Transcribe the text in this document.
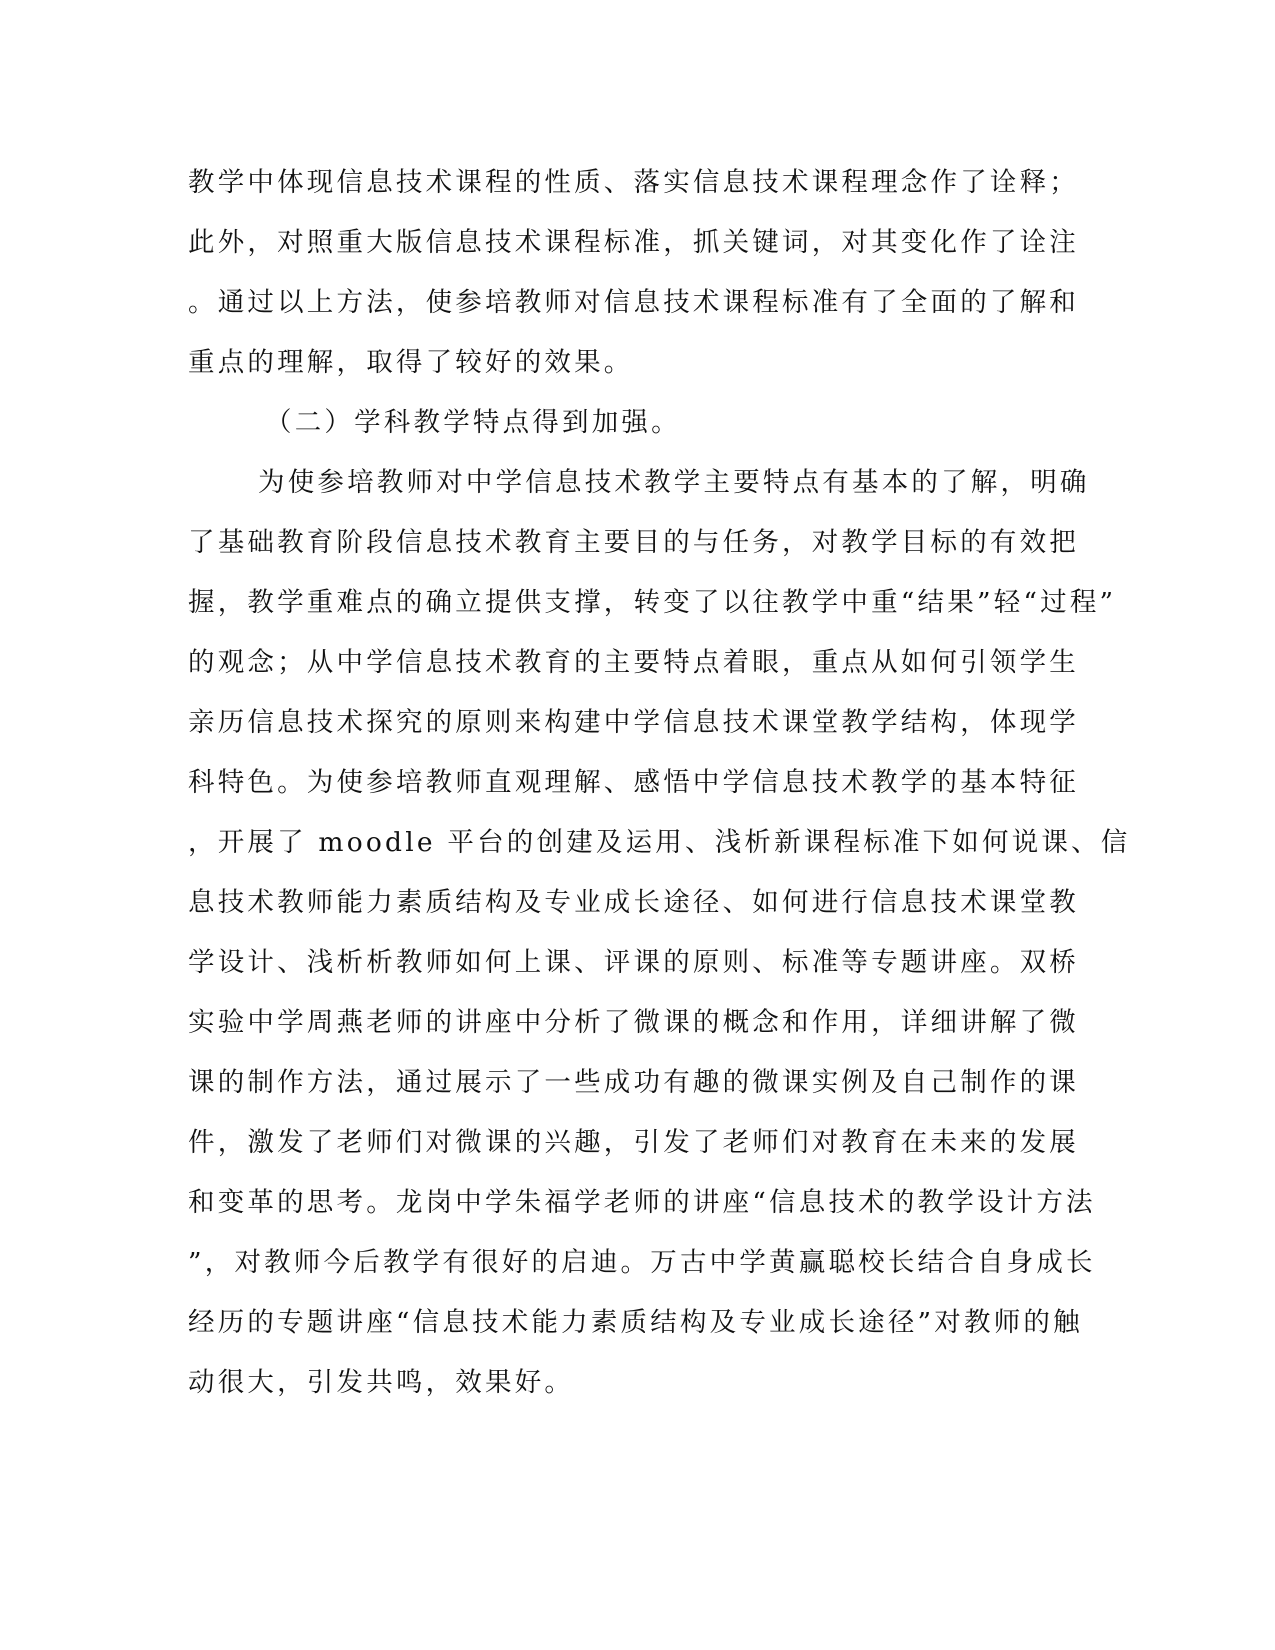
教学中体现信息技术课程的性质、落实信息技术课程理念作了诠释；

此外，对照重大版信息技术课程标准，抓关键词，对其变化作了诠注

。通过以上方法，使参培教师对信息技术课程标准有了全面的了解和

重点的理解，取得了较好的效果。

（二）学科教学特点得到加强。

为使参培教师对中学信息技术教学主要特点有基本的了解，明确

了基础教育阶段信息技术教育主要目的与任务，对教学目标的有效把

握，教学重难点的确立提供支撑，转变了以往教学中重“结果”轻“过程”

的观念；从中学信息技术教育的主要特点着眼，重点从如何引领学生

亲历信息技术探究的原则来构建中学信息技术课堂教学结构，体现学

科特色。为使参培教师直观理解、感悟中学信息技术教学的基本特征

，开展了 moodle 平台的创建及运用、浅析新课程标准下如何说课、信

息技术教师能力素质结构及专业成长途径、如何进行信息技术课堂教

学设计、浅析析教师如何上课、评课的原则、标准等专题讲座。双桥

实验中学周燕老师的讲座中分析了微课的概念和作用，详细讲解了微

课的制作方法，通过展示了一些成功有趣的微课实例及自己制作的课

件，激发了老师们对微课的兴趣，引发了老师们对教育在未来的发展

和变革的思考。龙岗中学朱福学老师的讲座“信息技术的教学设计方法

”，对教师今后教学有很好的启迪。万古中学黄赢聪校长结合自身成长

经历的专题讲座“信息技术能力素质结构及专业成长途径”对教师的触

动很大，引发共鸣，效果好。
